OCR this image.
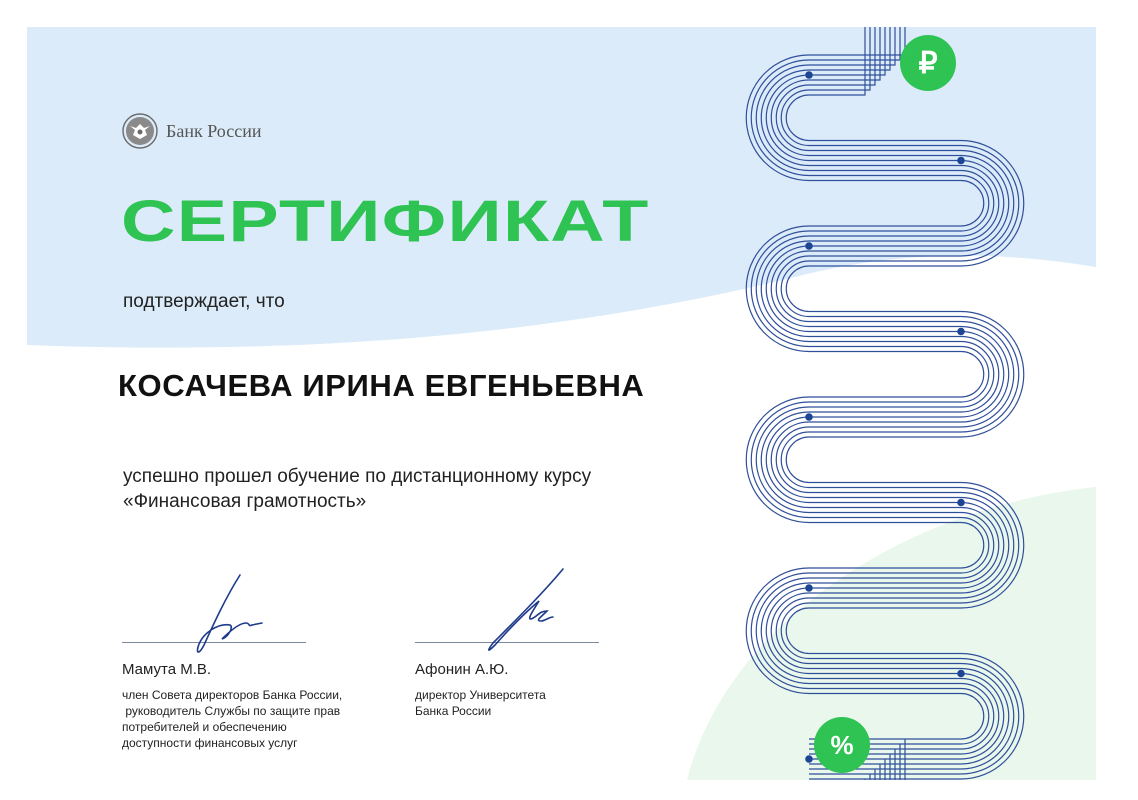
Банк России
СЕРТИФИКАТ
подтверждает, что
КОСАЧЕВА ИРИНА ЕВГЕНЬЕВНА
успешно прошел обучение по дистанционному курсу
«Финансовая грамотность»
Мамута М.В.
член Совета директоров Банка России,
руководитель Службы по защите прав
потребителей и обеспечению
доступности финансовых услуг
Афонин А.Ю.
директор Университета
Банка России
₽
%
